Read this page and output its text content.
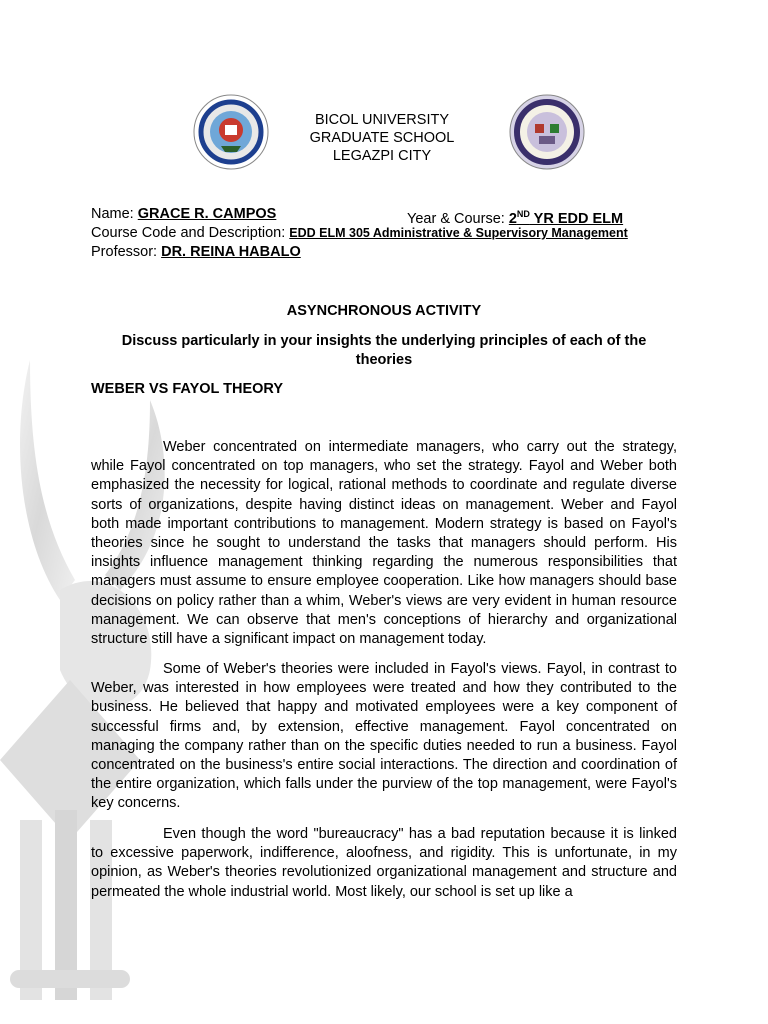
BICOL UNIVERSITY
GRADUATE SCHOOL
LEGAZPI CITY
Name: GRACE R. CAMPOS	Year & Course: 2ND YR EDD ELM
Course Code and Description: EDD ELM 305 Administrative & Supervisory Management
Professor: DR. REINA HABALO
ASYNCHRONOUS ACTIVITY
Discuss particularly in your insights the underlying principles of each of the theories
WEBER VS FAYOL THEORY

Weber concentrated on intermediate managers, who carry out the strategy, while Fayol concentrated on top managers, who set the strategy. Fayol and Weber both emphasized the necessity for logical, rational methods to coordinate and regulate diverse sorts of organizations, despite having distinct ideas on management. Weber and Fayol both made important contributions to management. Modern strategy is based on Fayol's theories since he sought to understand the tasks that managers should perform. His insights influence management thinking regarding the numerous responsibilities that managers must assume to ensure employee cooperation. Like how managers should base decisions on policy rather than a whim, Weber's views are very evident in human resource management. We can observe that men's conceptions of hierarchy and organizational structure still have a significant impact on management today.

Some of Weber's theories were included in Fayol's views. Fayol, in contrast to Weber, was interested in how employees were treated and how they contributed to the business. He believed that happy and motivated employees were a key component of successful firms and, by extension, effective management. Fayol concentrated on managing the company rather than on the specific duties needed to run a business. Fayol concentrated on the business's entire social interactions. The direction and coordination of the entire organization, which falls under the purview of the top management, were Fayol's key concerns.

Even though the word "bureaucracy" has a bad reputation because it is linked to excessive paperwork, indifference, aloofness, and rigidity. This is unfortunate, in my opinion, as Weber's theories revolutionized organizational management and structure and permeated the whole industrial world. Most likely, our school is set up like a
